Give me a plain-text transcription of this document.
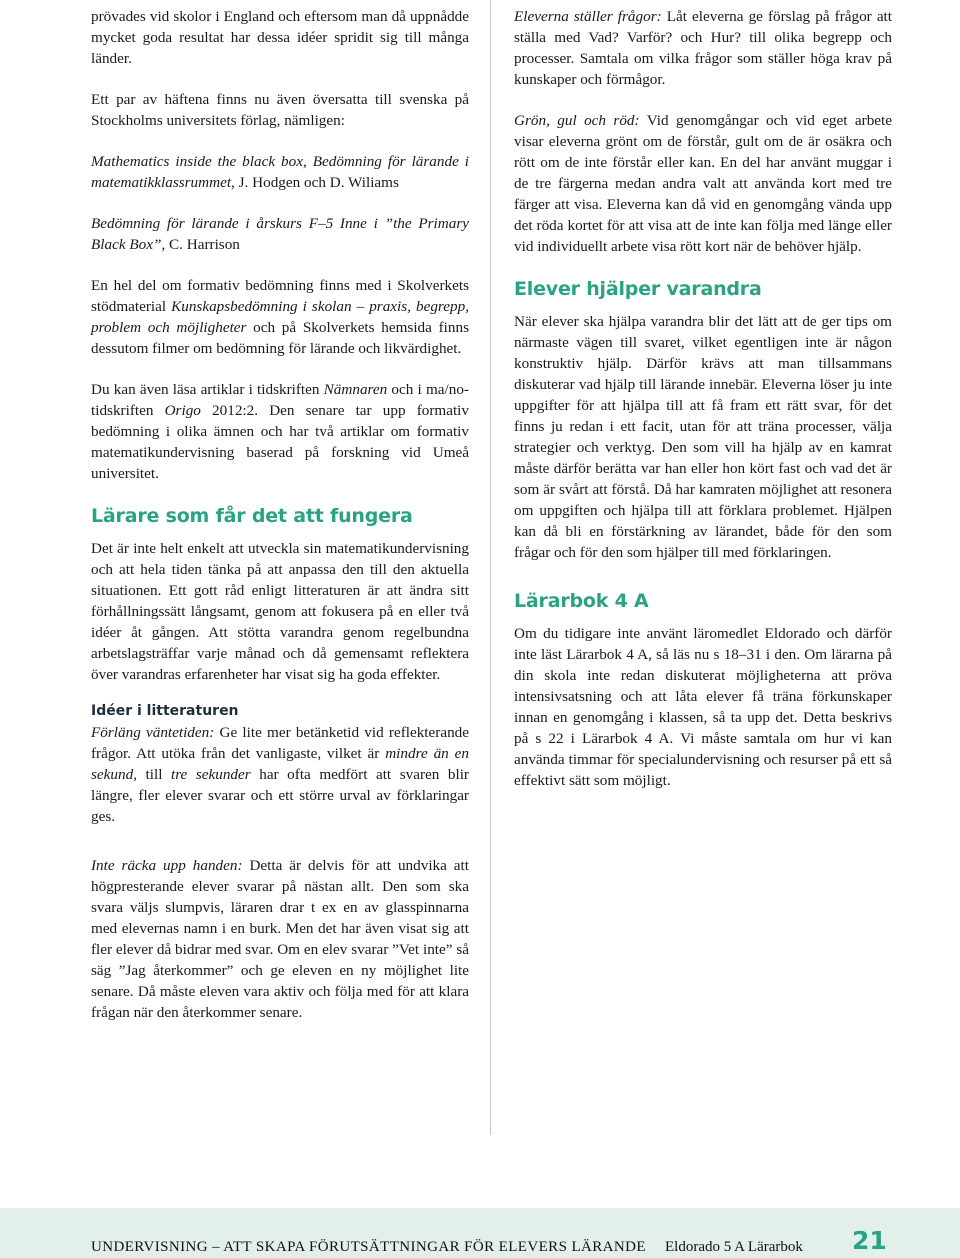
prövades vid skolor i England och eftersom man då uppnådde mycket goda resultat har dessa idéer spridit sig till många länder.

Ett par av häftena finns nu även översatta till svenska på Stockholms universitets förlag, nämligen:

Mathematics inside the black box, Bedömning för lärande i matematikklassrummet, J. Hodgen och D. Wiliams

Bedömning för lärande i årskurs F–5 Inne i ”the Primary Black Box”, C. Harrison

En hel del om formativ bedömning finns med i Skolverkets stödmaterial Kunskapsbedömning i skolan – praxis, begrepp, problem och möjligheter och på Skolverkets hemsida finns dessutom filmer om bedömning för lärande och likvärdighet.

Du kan även läsa artiklar i tidskriften Nämnaren och i ma/no-tidskriften Origo 2012:2. Den senare tar upp formativ bedömning i olika ämnen och har två artiklar om formativ matematikundervisning baserad på forskning vid Umeå universitet.

Lärare som får det att fungera

Det är inte helt enkelt att utveckla sin matematikundervisning och att hela tiden tänka på att anpassa den till den aktuella situationen. Ett gott råd enligt litteraturen är att ändra sitt förhållningssätt långsamt, genom att fokusera på en eller två idéer åt gången. Att stötta varandra genom regelbundna arbetslagsträffar varje månad och då gemensamt reflektera över varandras erfarenheter har visat sig ha goda effekter.

Idéer i litteraturen

Förläng väntetiden: Ge lite mer betänketid vid reflekterande frågor. Att utöka från det vanligaste, vilket är mindre än en sekund, till tre sekunder har ofta medfört att svaren blir längre, fler elever svarar och ett större urval av förklaringar ges.

Inte räcka upp handen: Detta är delvis för att undvika att högpresterande elever svarar på nästan allt. Den som ska svara väljs slumpvis, läraren drar t ex en av glasspinnarna med elevernas namn i en burk. Men det har även visat sig att fler elever då bidrar med svar. Om en elev svarar ”Vet inte” så säg ”Jag återkommer” och ge eleven en ny möjlighet lite senare. Då måste eleven vara aktiv och följa med för att klara frågan när den återkommer senare.

Eleverna ställer frågor: Låt eleverna ge förslag på frågor att ställa med Vad? Varför? och Hur? till olika begrepp och processer. Samtala om vilka frågor som ställer höga krav på kunskaper och förmågor.

Grön, gul och röd: Vid genomgångar och vid eget arbete visar eleverna grönt om de förstår, gult om de är osäkra och rött om de inte förstår eller kan. En del har använt muggar i de tre färgerna medan andra valt att använda kort med tre färger att visa. Eleverna kan då vid en genomgång vända upp det röda kortet för att visa att de inte kan följa med länge eller vid individuellt arbete visa rött kort när de behöver hjälp.

Elever hjälper varandra

När elever ska hjälpa varandra blir det lätt att de ger tips om närmaste vägen till svaret, vilket egentligen inte är någon konstruktiv hjälp. Därför krävs att man tillsammans diskuterar vad hjälp till lärande innebär. Eleverna löser ju inte uppgifter för att hjälpa till att få fram ett rätt svar, för det finns ju redan i ett facit, utan för att träna processer, välja strategier och verktyg. Den som vill ha hjälp av en kamrat måste därför berätta var han eller hon kört fast och vad det är som är svårt att förstå. Då har kamraten möjlighet att resonera om uppgiften och hjälpa till att förklara problemet. Hjälpen kan då bli en förstärkning av lärandet, både för den som frågar och för den som hjälper till med förklaringen.

Lärarbok 4 A

Om du tidigare inte använt läromedlet Eldorado och därför inte läst Lärarbok 4 A, så läs nu s 18–31 i den. Om lärarna på din skola inte redan diskuterat möjligheterna att pröva intensivsatsning och att låta elever få träna förkunskaper innan en genomgång i klassen, så ta upp det. Detta beskrivs på s 22 i Lärarbok 4 A. Vi måste samtala om hur vi kan använda timmar för specialundervisning och resurser på ett så effektivt sätt som möjligt.

UNDERVISNING – ATT SKAPA FÖRUTSÄTTNINGAR FÖR ELEVERS LÄRANDE Eldorado 5 A Lärarbok 21
